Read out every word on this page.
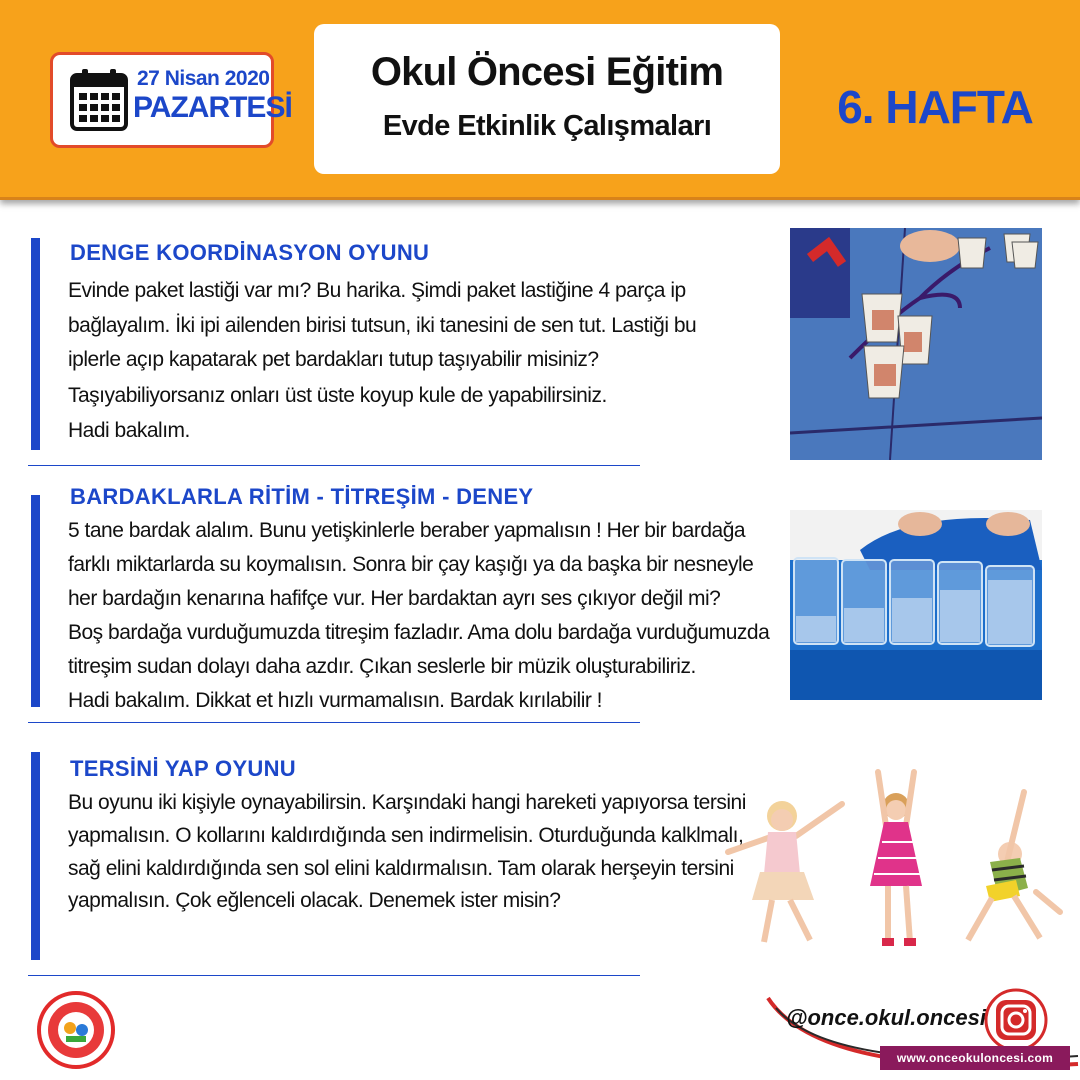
27 Nisan 2020
PAZARTESİ
Okul Öncesi Eğitim
Evde Etkinlik Çalışmaları	6. HAFTA
DENGE KOORDİNASYON OYUNU

Evinde paket lastiği var mı? Bu harika. Şimdi paket lastiğine 4 parça ip

bağlayalım. İki ipi ailenden birisi tutsun, iki tanesini de sen tut. Lastiği bu

iplerle açıp kapatarak pet bardakları tutup taşıyabilir misiniz?

Taşıyabiliyorsanız onları üst üste koyup kule de yapabilirsiniz.

Hadi bakalım.

BARDAKLARLA RİTİM - TİTREŞİM - DENEY

5 tane bardak alalım. Bunu yetişkinlerle beraber yapmalısın ! Her bir bardağa

farklı miktarlarda su koymalısın. Sonra bir çay kaşığı ya da başka bir nesneyle

her bardağın kenarına hafifçe vur. Her bardaktan ayrı ses çıkıyor değil mi?

Boş bardağa vurduğumuzda titreşim fazladır. Ama dolu bardağa vurduğumuzda

titreşim sudan dolayı daha azdır. Çıkan seslerle bir müzik oluşturabiliriz.

Hadi bakalım. Dikkat et hızlı vurmamalısın. Bardak kırılabilir !

TERSİNİ YAP OYUNU

Bu oyunu iki kişiyle oynayabilirsin. Karşındaki hangi hareketi yapıyorsa tersini

yapmalısın. O kollarını kaldırdığında sen indirmelisin. Oturduğunda kalklmalı,

sağ elini kaldırdığında sen sol elini kaldırmalısın. Tam olarak herşeyin tersini

yapmalısın. Çok eğlenceli olacak. Denemek ister misin?

@once.okul.oncesi
www.onceokuloncesi.com
